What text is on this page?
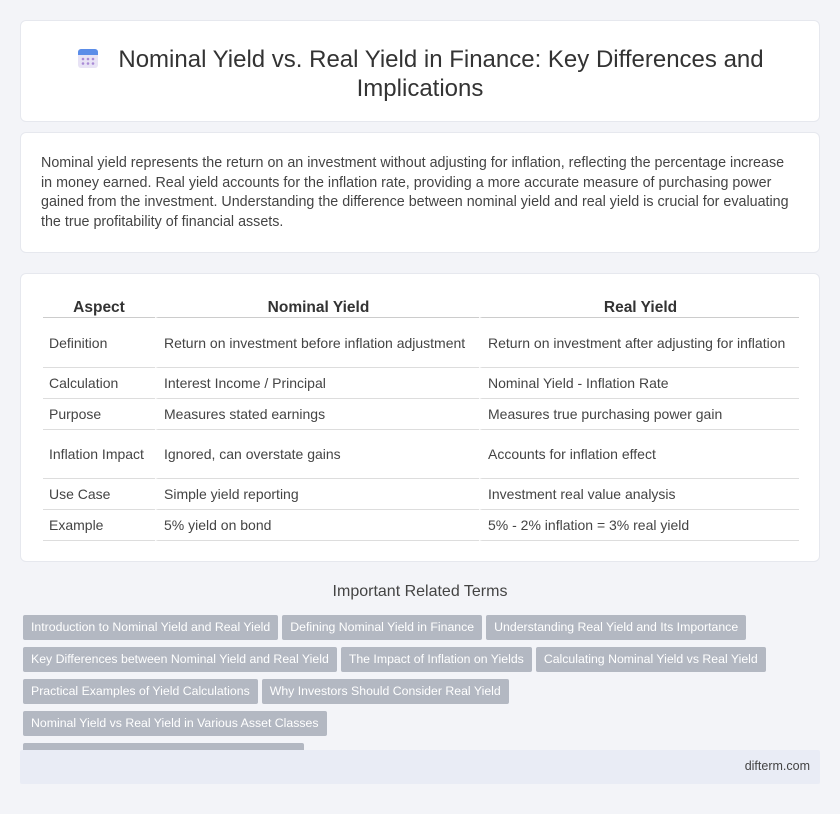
Nominal Yield vs. Real Yield in Finance: Key Differences and Implications

Nominal yield represents the return on an investment without adjusting for inflation, reflecting the percentage increase in money earned. Real yield accounts for the inflation rate, providing a more accurate measure of purchasing power gained from the investment. Understanding the difference between nominal yield and real yield is crucial for evaluating the true profitability of financial assets.

Aspect	Nominal Yield	Real Yield
Definition	Return on investment before inflation adjustment	Return on investment after adjusting for inflation
Calculation	Interest Income / Principal	Nominal Yield - Inflation Rate
Purpose	Measures stated earnings	Measures true purchasing power gain
Inflation Impact	Ignored, can overstate gains	Accounts for inflation effect
Use Case	Simple yield reporting	Investment real value analysis
Example	5% yield on bond	5% - 2% inflation = 3% real yield
Important Related Terms
Introduction to Nominal Yield and Real Yield Defining Nominal Yield in Finance Understanding Real Yield and Its Importance
Key Differences between Nominal Yield and Real Yield The Impact of Inflation on Yields Calculating Nominal Yield vs Real Yield
Practical Examples of Yield Calculations Why Investors Should Consider Real YieldNominal Yield vs Real Yield in Various Asset Classes

difterm.com
